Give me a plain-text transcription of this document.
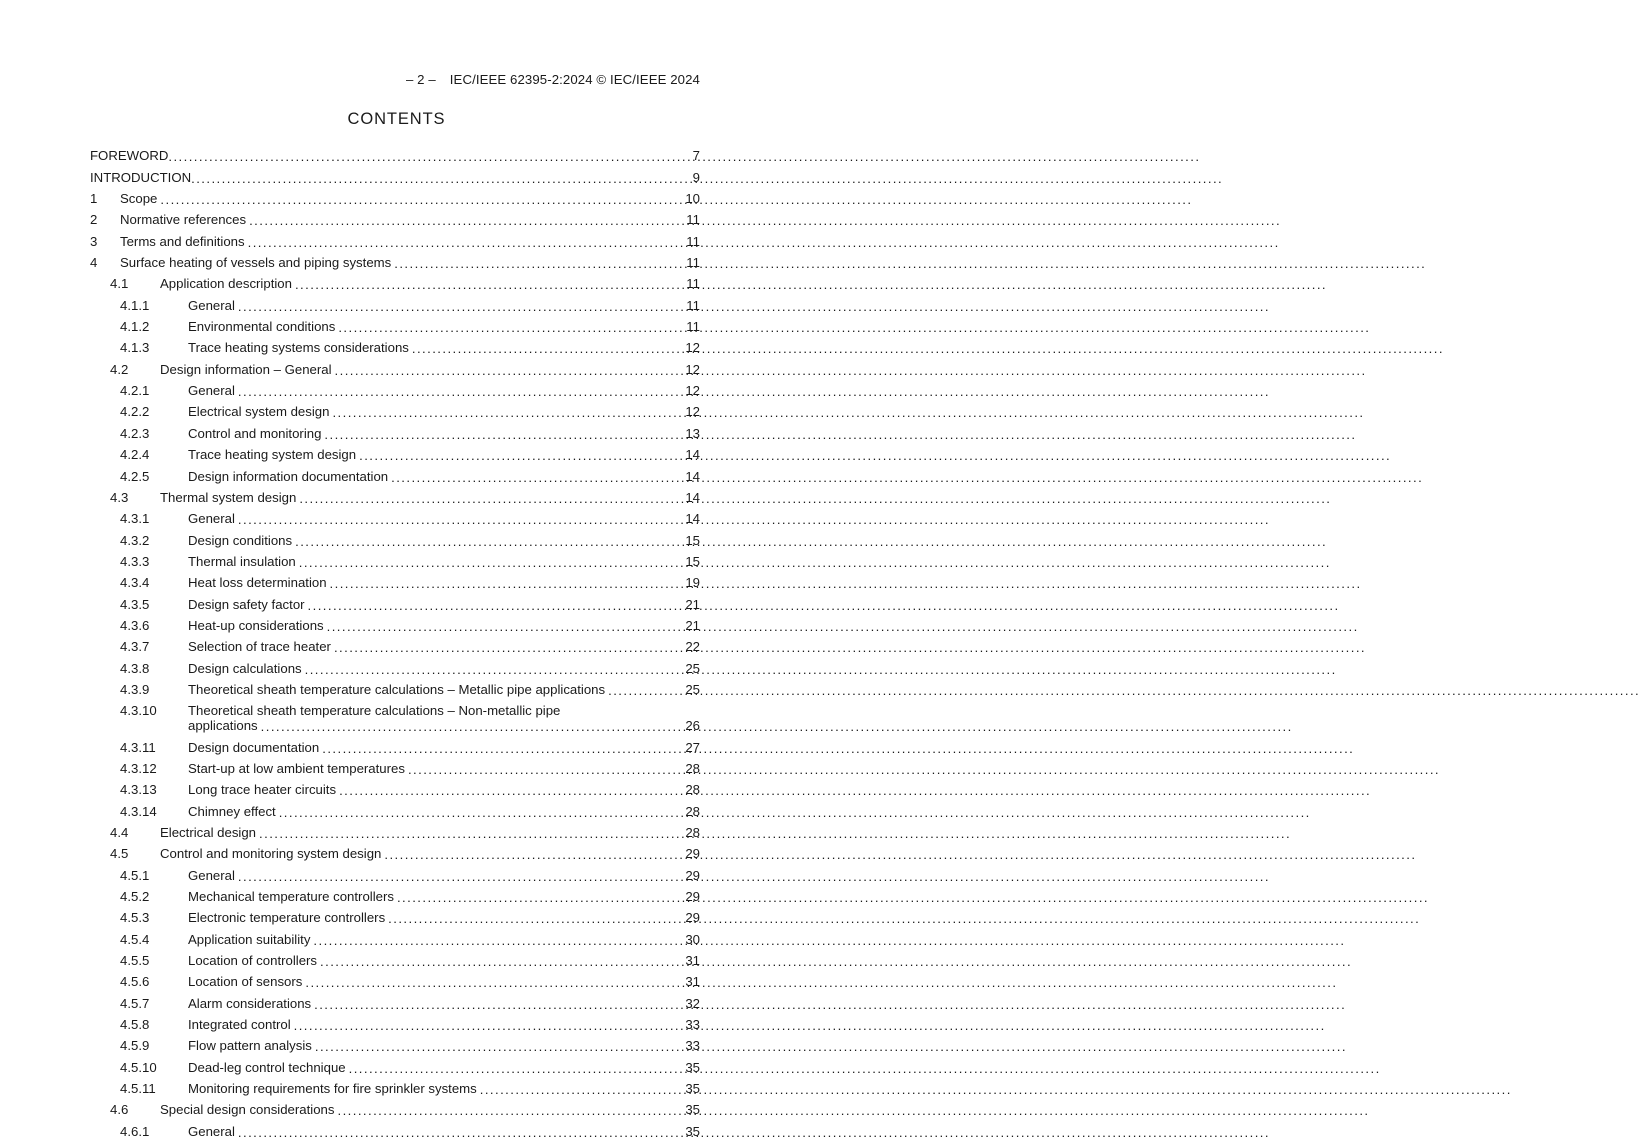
– 2 – IEC/IEEE 62395-2:2024 © IEC/IEEE 2024
CONTENTS
FOREWORD .....	7
INTRODUCTION .....	9
1	Scope .....	10
2	Normative references .....	11
3	Terms and definitions .....	11
4	Surface heating of vessels and piping systems .....	11
4.1	Application description .....	11
4.1.1	General .....	11
4.1.2	Environmental conditions .....	11
4.1.3	Trace heating systems considerations .....	12
4.2	Design information – General .....	12
4.2.1	General .....	12
4.2.2	Electrical system design .....	12
4.2.3	Control and monitoring .....	13
4.2.4	Trace heating system design .....	14
4.2.5	Design information documentation .....	14
4.3	Thermal system design .....	14
4.3.1	General .....	14
4.3.2	Design conditions .....	15
4.3.3	Thermal insulation .....	15
4.3.4	Heat loss determination .....	19
4.3.5	Design safety factor .....	21
4.3.6	Heat-up considerations .....	21
4.3.7	Selection of trace heater .....	22
4.3.8	Design calculations .....	25
4.3.9	Theoretical sheath temperature calculations – Metallic pipe applications .....	25
4.3.10	Theoretical sheath temperature calculations – Non-metallic pipe
applications .....	26
4.3.11	Design documentation .....	27
4.3.12	Start-up at low ambient temperatures .....	28
4.3.13	Long trace heater circuits .....	28
4.3.14	Chimney effect .....	28
4.4	Electrical design .....	28
4.5	Control and monitoring system design .....	29
4.5.1	General .....	29
4.5.2	Mechanical temperature controllers .....	29
4.5.3	Electronic temperature controllers .....	29
4.5.4	Application suitability .....	30
4.5.5	Location of controllers .....	31
4.5.6	Location of sensors .....	31
4.5.7	Alarm considerations .....	32
4.5.8	Integrated control .....	33
4.5.9	Flow pattern analysis .....	33
4.5.10	Dead-leg control technique .....	35
4.5.11	Monitoring requirements for fire sprinkler systems .....	35
4.6	Special design considerations .....	35
4.6.1	General .....	35
